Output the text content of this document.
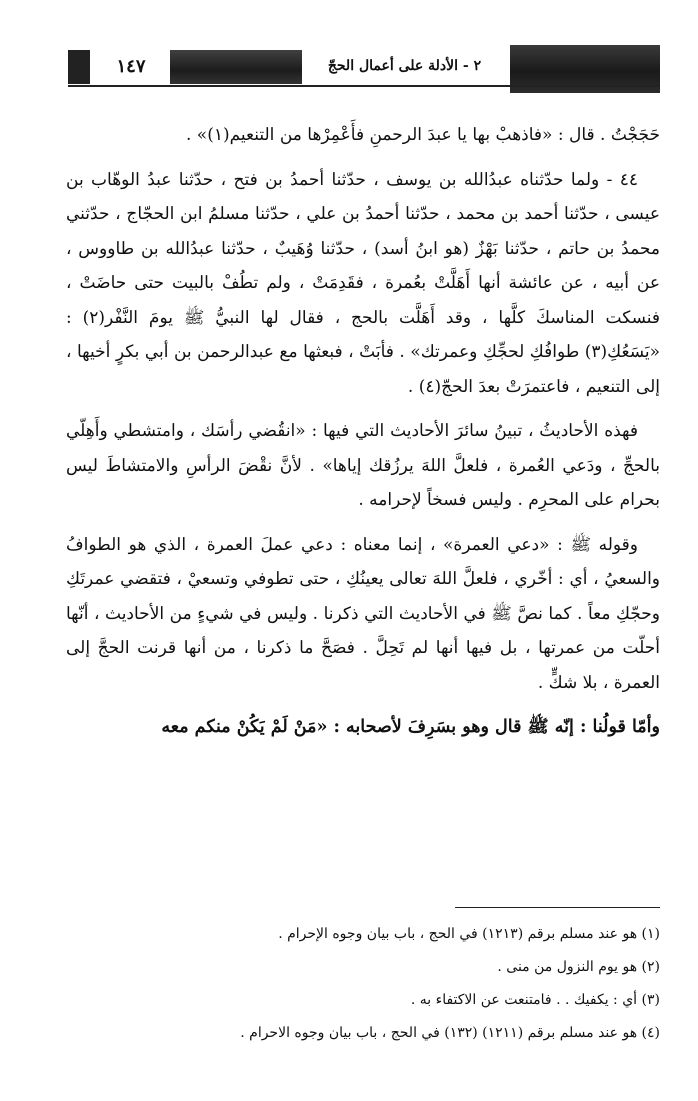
٢ - الأدلة على أعمال الحجّ
١٤٧

حَجَجْتُ . قال : «فاذهبْ بها يا عبدَ الرحمنِ فأَعْمِرْها من التنعيم(١)» .

٤٤ - ولما حدّثناه عبدُالله بن يوسف ، حدّثنا أحمدُ بن فتح ، حدّثنا عبدُ الوهّاب بن عيسى ، حدّثنا أحمد بن محمد ، حدّثنا أحمدُ بن علي ، حدّثنا مسلمُ ابن الحجّاج ، حدّثني محمدُ بن حاتم ، حدّثنا بَهْزٌ (هو ابنُ أسد) ، حدّثنا وُهَيبٌ ، حدّثنا عبدُالله بن طاووس ، عن أبيه ، عن عائشة أنها أَهَلَّتْ بعُمرة ، فقَدِمَتْ ، ولم تطُفْ بالبيت حتى حاضَتْ ، فنسكت المناسكَ كلَّها ، وقد أَهَلَّت بالحج ، فقال لها النبيُّ ﷺ يومَ النَّفْر(٢) : «يَسَعُكِ(٣) طوافُكِ لحجِّكِ وعمرتك» . فأبَتْ ، فبعثها مع عبدالرحمن بن أبي بكرٍ أخيها ، إلى التنعيم ، فاعتمرَتْ بعدَ الحجّ(٤) .

فهذه الأحاديثُ ، تبينُ سائرَ الأحاديث التي فيها : «انقُضي رأسَك ، وامتشطي وأَهِلّي بالحجِّ ، ودَعي العُمرة ، فلعلَّ اللهَ يرزُقك إياها» . لأنَّ نقْضَ الرأسِ والامتشاطَ ليس بحرام على المحرِم . وليس فسخاً لإحرامه .

وقوله ﷺ : «دعي العمرة» ، إنما معناه : دعي عملَ العمرة ، الذي هو الطوافُ والسعيُ ، أي : أخّري ، فلعلَّ اللهَ تعالى يعينُكِ ، حتى تطوفي وتسعيْ ، فتقضي عمرتَكِ وحجّكِ معاً . كما نصَّ ﷺ في الأحاديث التي ذكرنا . وليس في شيءٍ من الأحاديث ، أنّها أحلّت من عمرتها ، بل فيها أنها لم تَحِلَّ . فصَحَّ ما ذكرنا ، من أنها قرنت الحجَّ إلى العمرة ، بلا شكٍّ .

وأمّا قولُنا : إنّه ﷺ قال وهو بسَرِفَ لأصحابه : «مَنْ لَمْ يَكُنْ منكم معه

(١) هو عند مسلم برقم (١٢١٣) في الحج ، باب بيان وجوه الإحرام .

(٢) هو يوم النزول من منى .

(٣) أي : يكفيك . . فامتنعت عن الاكتفاء به .

(٤) هو عند مسلم برقم (١٢١١) (١٣٢) في الحج ، باب بيان وجوه الاحرام .
